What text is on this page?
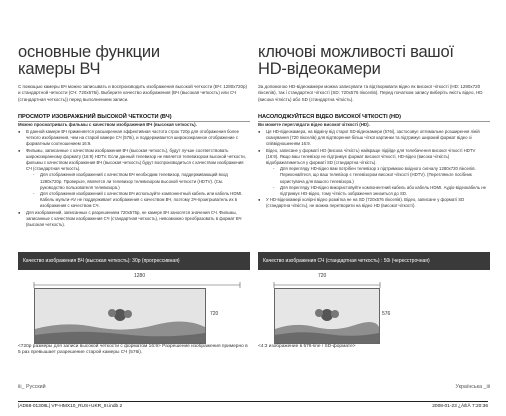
основные функции
камеры ВЧ
С помощью камеры ВЧ можно записывать и воспроизводить изображения высокой четкости (ВЧ: 1280x720р) и стандартной четкости (СЧ: 720x576i). Выберите качество изображения (ВЧ (высокая четкость) или СЧ (стандартная четкость)) перед выполнением записи.
ПРОСМОТР ИЗОБРАЖЕНИЙ ВЫСОКОЙ ЧЕТКОСТИ (ВЧ)
Можно просматривать фильмы с качеством изображения ВЧ (высокая четкость).
● В данной камере ВЧ применяется расширенная эффективная частота строк 720р для отображения более четкого изображения, чем на старой камере СЧ (576i), и поддерживается широкоэкранное отображение с форматным соотношением 16:9.
● Фильмы, записанные с качеством изображения ВЧ (высокая четкость), будут лучше соответствовать широкоэкранному формату (16:9) HDTV. Если данный телевизор не является телевизором высокой четкости, фильмы с качеством изображения ВЧ (высокая четкость) будут воспроизводиться с качеством изображения СЧ (стандартная четкость).
- Для отображения изображений с качеством ВЧ необходим телевизор, поддерживающий вход 1280x720р. Проверьте, является ли телевизор телевизором высокой четкости (HDTV). (См. руководство пользователя телевизора.)
- Для отображения изображений с качеством ВЧ используйте компонентный кабель или кабель HDMI. Кабель мульти-AV не поддерживает изображения с качеством ВЧ, поэтому ЗЧ-проигрыватель их в изображения с качеством СЧ.
● Для изображений, записанных с разрешением 720x576р, не камере ВЧ заносятся значения СЧ. Фильмы, записанные с качеством изображения СЧ (стандартная четкость), невозможно преобразовать в формат ВЧ (высокая четкость).
Качество изображения ВЧ (высокая четкость): 30р (прогрессивная)
1280
720
<720р размеры для записи высокой четкости с форматом 16:9> Разрешение изображения примерно в 5 раз превышает разрешение старой камеры СЧ (576i).
iii_ Русский
ключові можливості вашої
HD-відеокамери
За допомогою HD-відеокамери можна записувати та відтворювати відео як високої чіткості (HD: 1280x720 пікселів), так і стандартної чіткості (SD: 720x576 пікселів). Перед початком запису виберіть якість відео, HD (висока чіткість) або SD (стандартна чіткість).
НАСОЛОДЖУЙТЕСЯ ВІДЕО ВИСОКОЇ ЧІТКОСТІ (HD)
Ви можете переглядати відео високої чіткості (HD).
● Ця HD-відеокамера, на відміну від старої SD-відеокамери (576i), застосовує оптимальне розширення ліній сканування (720 пікселів) для відтворення більш чіткої картинки та підтримує широкий формат відео зі співвідношенням 16:9.
● Відео, записане у форматі HD (висока чіткість) найкраще підійде для телебачення високої чіткості HDTV (16:9). Якщо ваш телевізор не підтримує формат високої чіткості, HD-відео (висока чіткість) відображатиметься у форматі SD (стандартна чіткість).
- Для перегляду HD-відео вам потрібен телевізор з підтримкою вхідного сигналу 1280x720 пікселів. Переконайтеся, що ваш телевізор є телевізором високої чіткості (HDTV). (Перегляньте посібник користувача для вашого телевізора.)
- Для перегляду HD-відео використовуйте компонентний кабель або кабель HDMI. Аудіо-відеокабель не підтримує HD-відео, тому чіткість зображення знизиться до SD.
● У HD-відеокамері колірні відео розмітка не на SD (720x576 пікселів). Відео, записане у форматі SD (стандартна чіткість), не можна перетворити на відео HD (високої чіткості).
Качество изображения СЧ (стандартная четкость) : 50i (чересстрочная)
720
576
<4:3 изображение в 576-line / SD-формате>
Українська _iii
|AD68-01308L| VP-HMX10_RUS+UKR_III.indb 2	2008-01-23 ¿ÀÈÄ 7:20:36
